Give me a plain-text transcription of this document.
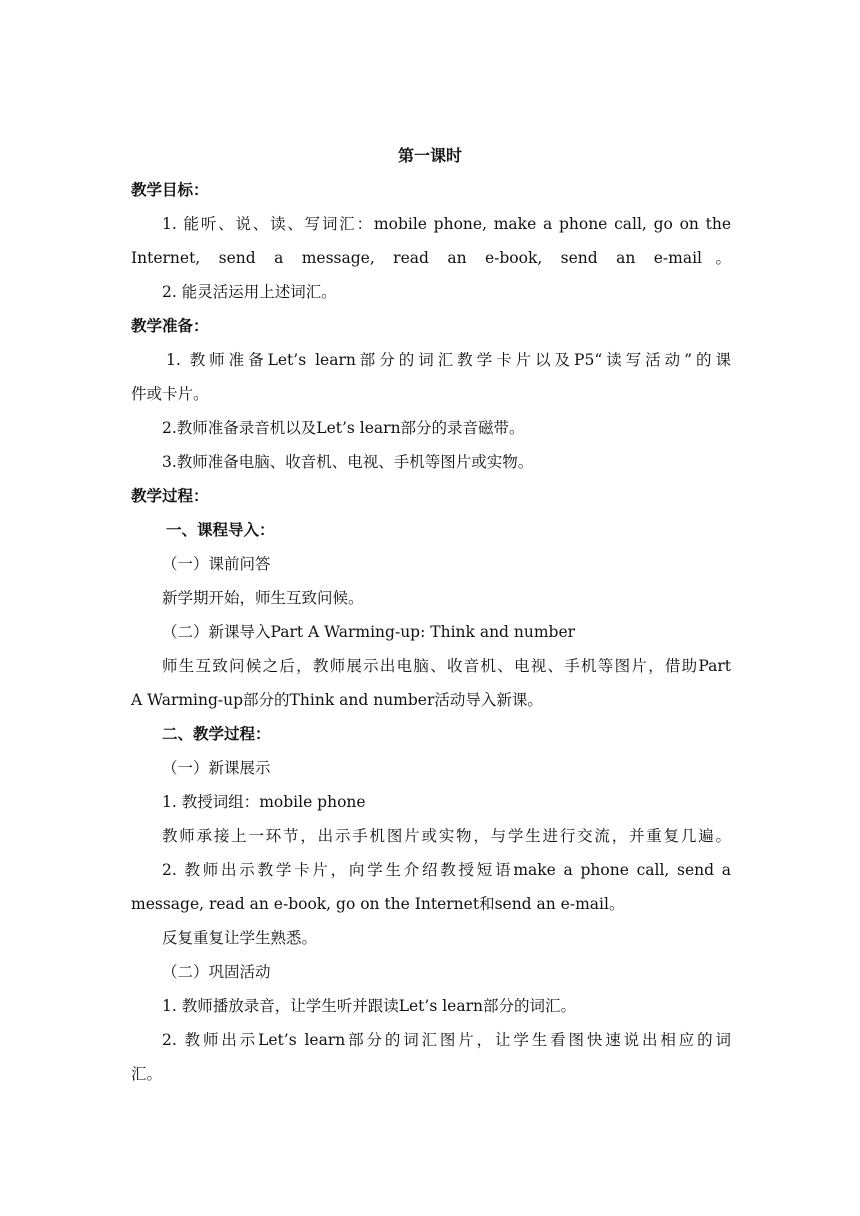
第一课时
教学目标：
1. 能听、说、读、写词汇：mobile phone, make a phone call, go on the
Internet, send a message, read an e-book, send an e-mail。
2. 能灵活运用上述词汇。
教学准备：
1. 教师准备Let’s learn部分的词汇教学卡片以及P5“读写活动”的课
件或卡片。
2.教师准备录音机以及Let’s learn部分的录音磁带。
3.教师准备电脑、收音机、电视、手机等图片或实物。
教学过程：
一、课程导入：
（一）课前问答
新学期开始，师生互致问候。
（二）新课导入Part A Warming-up: Think and number
师生互致问候之后，教师展示出电脑、收音机、电视、手机等图片，借助Part
A Warming-up部分的Think and number活动导入新课。
二、教学过程：
（一）新课展示
1. 教授词组：mobile phone
教师承接上一环节，出示手机图片或实物，与学生进行交流，并重复几遍。
2. 教师出示教学卡片，向学生介绍教授短语make a phone call, send a
message, read an e-book, go on the Internet和send an e-mail。
反复重复让学生熟悉。
（二）巩固活动
1. 教师播放录音，让学生听并跟读Let’s learn部分的词汇。
2. 教师出示Let’s learn部分的词汇图片，让学生看图快速说出相应的词
汇。
